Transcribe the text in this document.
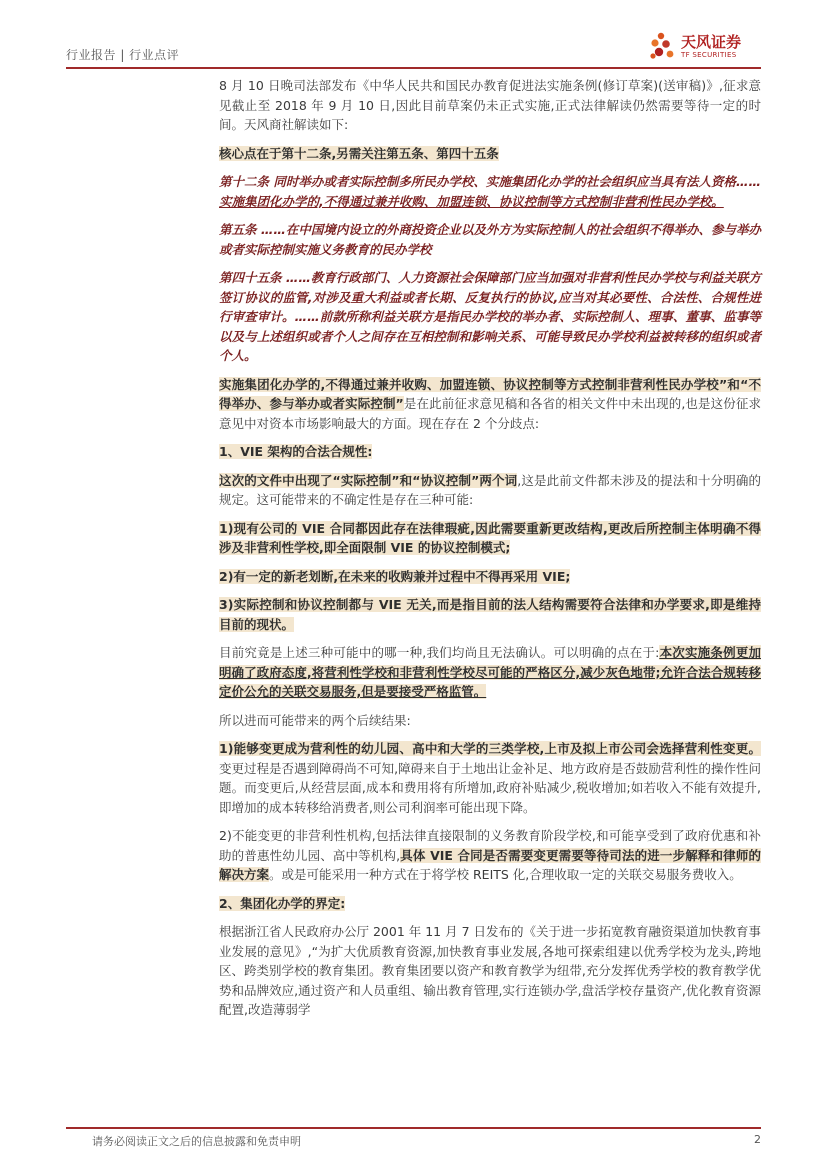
行业报告 | 行业点评
天风证券
TF SECURITIES

8 月 10 日晚司法部发布《中华人民共和国民办教育促进法实施条例(修订草案)(送审稿)》,征求意见截止至 2018 年 9 月 10 日,因此目前草案仍未正式实施,正式法律解读仍然需要等待一定的时间。天风商社解读如下:

核心点在于第十二条,另需关注第五条、第四十五条

第十二条 同时举办或者实际控制多所民办学校、实施集团化办学的社会组织应当具有法人资格……实施集团化办学的,不得通过兼并收购、加盟连锁、协议控制等方式控制非营利性民办学校。

第五条 ……在中国境内设立的外商投资企业以及外方为实际控制人的社会组织不得举办、参与举办或者实际控制实施义务教育的民办学校

第四十五条 ……教育行政部门、人力资源社会保障部门应当加强对非营利性民办学校与利益关联方签订协议的监管,对涉及重大利益或者长期、反复执行的协议,应当对其必要性、合法性、合规性进行审查审计。……前款所称利益关联方是指民办学校的举办者、实际控制人、理事、董事、监事等以及与上述组织或者个人之间存在互相控制和影响关系、可能导致民办学校利益被转移的组织或者个人。

实施集团化办学的,不得通过兼并收购、加盟连锁、协议控制等方式控制非营利性民办学校”和“不得举办、参与举办或者实际控制”是在此前征求意见稿和各省的相关文件中未出现的,也是这份征求意见中对资本市场影响最大的方面。现在存在 2 个分歧点:

1、VIE 架构的合法合规性:

这次的文件中出现了“实际控制”和“协议控制”两个词,这是此前文件都未涉及的提法和十分明确的规定。这可能带来的不确定性是存在三种可能:

1)现有公司的 VIE 合同都因此存在法律瑕疵,因此需要重新更改结构,更改后所控制主体明确不得涉及非营利性学校,即全面限制 VIE 的协议控制模式;

2)有一定的新老划断,在未来的收购兼并过程中不得再采用 VIE;

3)实际控制和协议控制都与 VIE 无关,而是指目前的法人结构需要符合法律和办学要求,即是维持目前的现状。

目前究竟是上述三种可能中的哪一种,我们均尚且无法确认。可以明确的点在于:本次实施条例更加明确了政府态度,将营利性学校和非营利性学校尽可能的严格区分,减少灰色地带;允许合法合规转移定价公允的关联交易服务,但是要接受严格监管。

所以进而可能带来的两个后续结果:

1)能够变更成为营利性的幼儿园、高中和大学的三类学校,上市及拟上市公司会选择营利性变更。变更过程是否遇到障碍尚不可知,障碍来自于土地出让金补足、地方政府是否鼓励营利性的操作性问题。而变更后,从经营层面,成本和费用将有所增加,政府补贴减少,税收增加;如若收入不能有效提升,即增加的成本转移给消费者,则公司利润率可能出现下降。

2)不能变更的非营利性机构,包括法律直接限制的义务教育阶段学校,和可能享受到了政府优惠和补助的普惠性幼儿园、高中等机构,具体 VIE 合同是否需要变更需要等待司法的进一步解释和律师的解决方案。或是可能采用一种方式在于将学校 REITS 化,合理收取一定的关联交易服务费收入。

2、集团化办学的界定:

根据浙江省人民政府办公厅 2001 年 11 月 7 日发布的《关于进一步拓宽教育融资渠道加快教育事业发展的意见》,“为扩大优质教育资源,加快教育事业发展,各地可探索组建以优秀学校为龙头,跨地区、跨类别学校的教育集团。教育集团要以资产和教育教学为纽带,充分发挥优秀学校的教育教学优势和品牌效应,通过资产和人员重组、输出教育管理,实行连锁办学,盘活学校存量资产,优化教育资源配置,改造薄弱学

请务必阅读正文之后的信息披露和免责申明	2
